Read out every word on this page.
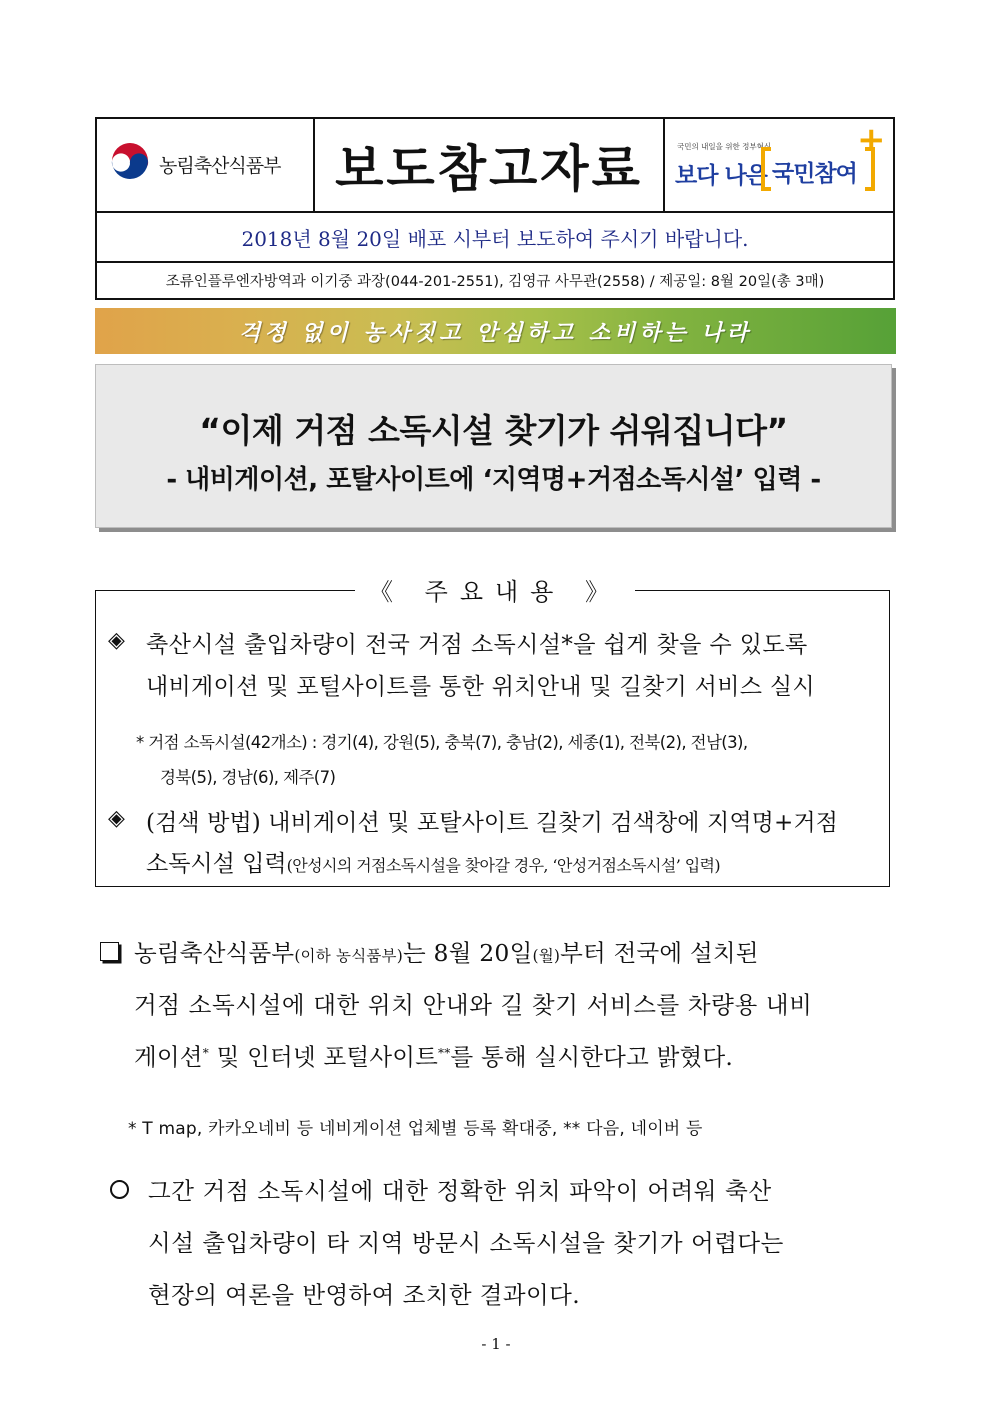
농림축산식품부	보도참고자료	국민의 내일을 위한 정부혁신
보다 나은 국민참여
+
2018년 8월 20일 배포 시부터 보도하여 주시기 바랍니다.
조류인플루엔자방역과 이기중 과장(044-201-2551), 김영규 사무관(2558) / 제공일: 8월 20일(총 3매)
걱정 없이 농사짓고 안심하고 소비하는 나라
“이제 거점 소독시설 찾기가 쉬워집니다”
- 내비게이션, 포탈사이트에 ‘지역명+거점소독시설’ 입력 -
《 주요내용 》
◈ 축산시설 출입차량이 전국 거점 소독시설*을 쉽게 찾을 수 있도록
내비게이션 및 포털사이트를 통한 위치안내 및 길찾기 서비스 실시
* 거점 소독시설(42개소) : 경기(4), 강원(5), 충북(7), 충남(2), 세종(1), 전북(2), 전남(3),
경북(5), 경남(6), 제주(7)
◈ (검색 방법) 내비게이션 및 포탈사이트 길찾기 검색창에 지역명+거점
소독시설 입력(안성시의 거점소독시설을 찾아갈 경우, ‘안성거점소독시설’ 입력)
농림축산식품부(이하 농식품부)는 8월 20일(월)부터 전국에 설치된
거점 소독시설에 대한 위치 안내와 길 찾기 서비스를 차량용 내비
게이션* 및 인터넷 포털사이트**를 통해 실시한다고 밝혔다.
* T map, 카카오네비 등 네비게이션 업체별 등록 확대중, ** 다음, 네이버 등
그간 거점 소독시설에 대한 정확한 위치 파악이 어려워 축산
시설 출입차량이 타 지역 방문시 소독시설을 찾기가 어렵다는
현장의 여론을 반영하여 조치한 결과이다.
- 1 -
